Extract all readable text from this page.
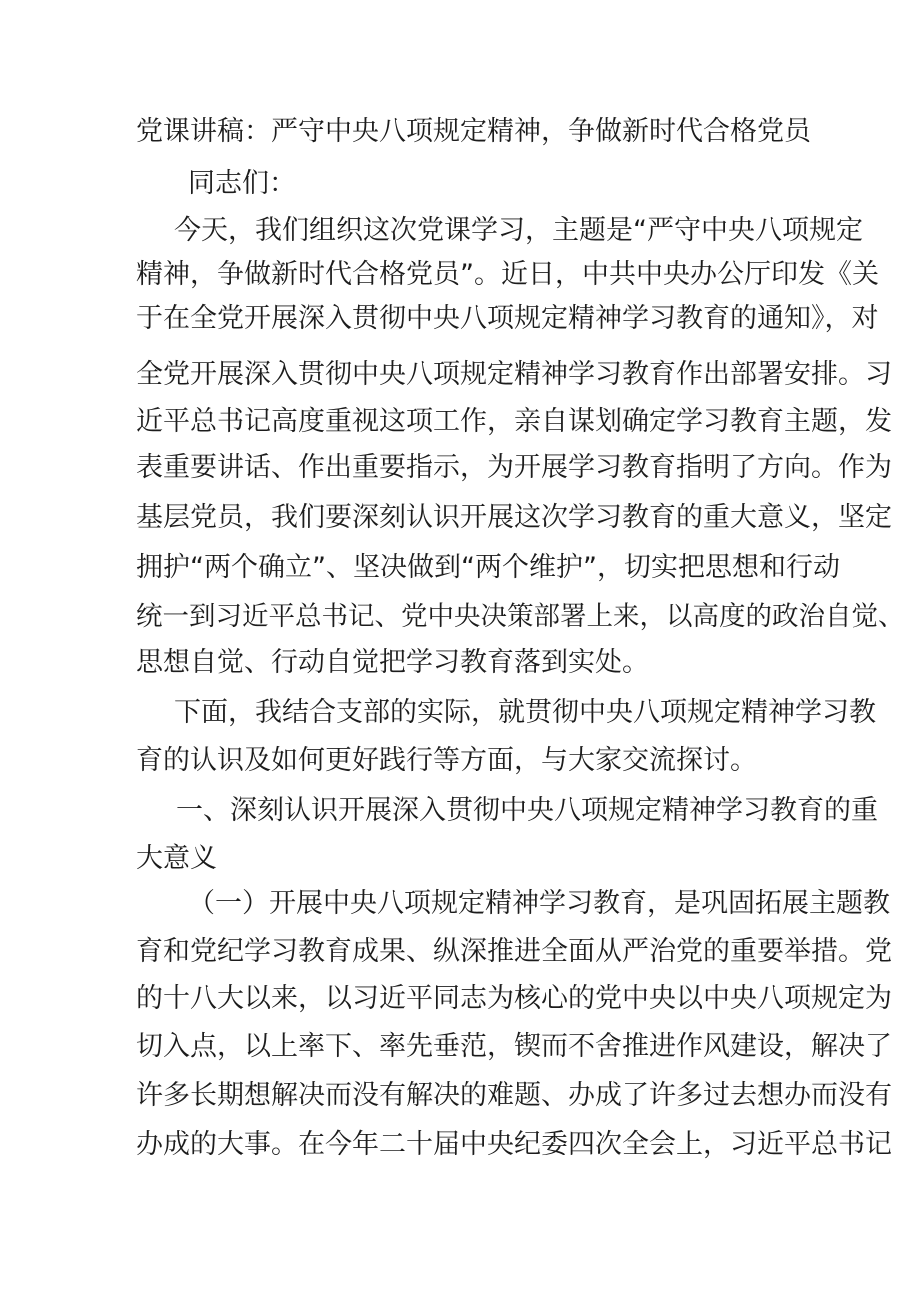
党课讲稿：严守中央八项规定精神，争做新时代合格党员
同志们：
今天，我们组织这次党课学习，主题是“严守中央八项规定
精神，争做新时代合格党员”。近日，中共中央办公厅印发《关
于在全党开展深入贯彻中央八项规定精神学习教育的通知》，对
全党开展深入贯彻中央八项规定精神学习教育作出部署安排。习
近平总书记高度重视这项工作，亲自谋划确定学习教育主题，发
表重要讲话、作出重要指示，为开展学习教育指明了方向。作为
基层党员，我们要深刻认识开展这次学习教育的重大意义，坚定
拥护“两个确立”、坚决做到“两个维护”，切实把思想和行动
统一到习近平总书记、党中央决策部署上来，以高度的政治自觉、
思想自觉、行动自觉把学习教育落到实处。
下面，我结合支部的实际，就贯彻中央八项规定精神学习教
育的认识及如何更好践行等方面，与大家交流探讨。
一、深刻认识开展深入贯彻中央八项规定精神学习教育的重
大意义
（一）开展中央八项规定精神学习教育，是巩固拓展主题教
育和党纪学习教育成果、纵深推进全面从严治党的重要举措。党
的十八大以来，以习近平同志为核心的党中央以中央八项规定为
切入点，以上率下、率先垂范，锲而不舍推进作风建设，解决了
许多长期想解决而没有解决的难题、办成了许多过去想办而没有
办成的大事。在今年二十届中央纪委四次全会上，习近平总书记
